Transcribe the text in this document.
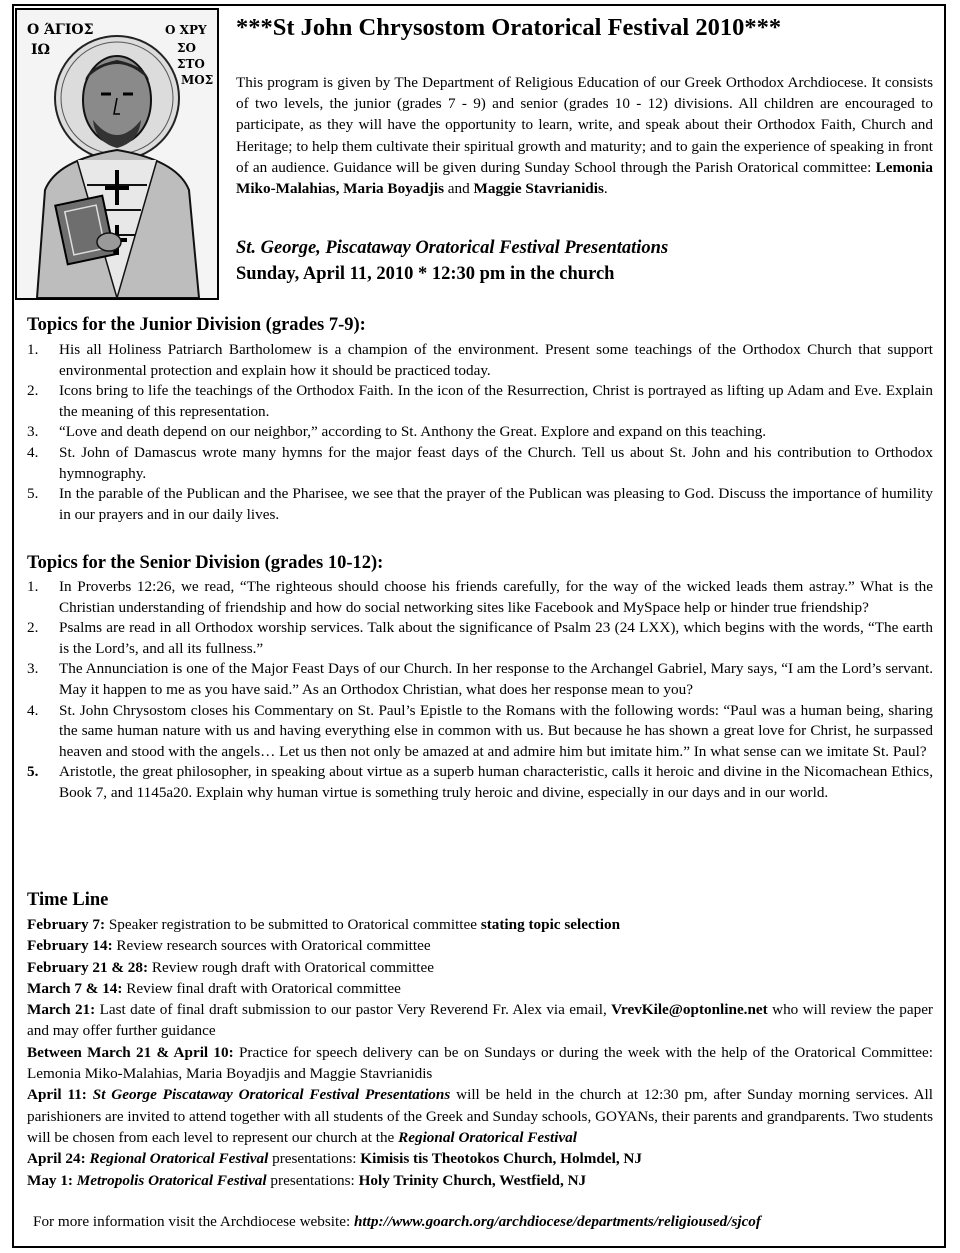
Ο ΆΓΙΟΣ
ΙΩ
Ο ΧΡΥ
ΣΟ
ΣΤΟ
ΜΟΣ
***St John Chrysostom Oratorical Festival 2010***

This program is given by The Department of Religious Education of our Greek Orthodox Archdiocese. It consists of two levels, the junior (grades 7 - 9) and senior (grades 10 - 12) divisions. All children are encouraged to participate, as they will have the opportunity to learn, write, and speak about their Orthodox Faith, Church and Heritage; to help them cultivate their spiritual growth and maturity; and to gain the experience of speaking in front of an audience. Guidance will be given during Sunday School through the Parish Oratorical committee: Lemonia Miko-Malahias, Maria Boyadjis and Maggie Stavrianidis.

St. George, Piscataway Oratorical Festival Presentations
Sunday, April 11, 2010 * 12:30 pm in the church
Topics for the Junior Division (grades 7-9):
1. His all Holiness Patriarch Bartholomew is a champion of the environment. Present some teachings of the Orthodox Church that support environmental protection and explain how it should be practiced today.
2. Icons bring to life the teachings of the Orthodox Faith. In the icon of the Resurrection, Christ is portrayed as lifting up Adam and Eve. Explain the meaning of this representation.
3. “Love and death depend on our neighbor,” according to St. Anthony the Great. Explore and expand on this teaching.
4. St. John of Damascus wrote many hymns for the major feast days of the Church. Tell us about St. John and his contribution to Orthodox hymnography.
5. In the parable of the Publican and the Pharisee, we see that the prayer of the Publican was pleasing to God. Discuss the importance of humility in our prayers and in our daily lives.
Topics for the Senior Division (grades 10-12):
1. In Proverbs 12:26, we read, “The righteous should choose his friends carefully, for the way of the wicked leads them astray.” What is the Christian understanding of friendship and how do social networking sites like Facebook and MySpace help or hinder true friendship?
2. Psalms are read in all Orthodox worship services. Talk about the significance of Psalm 23 (24 LXX), which begins with the words, “The earth is the Lord’s, and all its fullness.”
3. The Annunciation is one of the Major Feast Days of our Church. In her response to the Archangel Gabriel, Mary says, “I am the Lord’s servant. May it happen to me as you have said.” As an Orthodox Christian, what does her response mean to you?
4. St. John Chrysostom closes his Commentary on St. Paul’s Epistle to the Romans with the following words: “Paul was a human being, sharing the same human nature with us and having everything else in common with us. But because he has shown a great love for Christ, he surpassed heaven and stood with the angels… Let us then not only be amazed at and admire him but imitate him.” In what sense can we imitate St. Paul?
5. Aristotle, the great philosopher, in speaking about virtue as a superb human characteristic, calls it heroic and divine in the Nicomachean Ethics, Book 7, and 1145a20. Explain why human virtue is something truly heroic and divine, especially in our days and in our world.
Time Line

February 7: Speaker registration to be submitted to Oratorical committee stating topic selection

February 14: Review research sources with Oratorical committee

February 21 & 28: Review rough draft with Oratorical committee

March 7 & 14: Review final draft with Oratorical committee

March 21: Last date of final draft submission to our pastor Very Reverend Fr. Alex via email, VrevKile@optonline.net who will review the paper and may offer further guidance

Between March 21 & April 10: Practice for speech delivery can be on Sundays or during the week with the help of the Oratorical Committee: Lemonia Miko-Malahias, Maria Boyadjis and Maggie Stavrianidis

April 11: St George Piscataway Oratorical Festival Presentations will be held in the church at 12:30 pm, after Sunday morning services. All parishioners are invited to attend together with all students of the Greek and Sunday schools, GOYANs, their parents and grandparents. Two students will be chosen from each level to represent our church at the Regional Oratorical Festival

April 24: Regional Oratorical Festival presentations: Kimisis tis Theotokos Church, Holmdel, NJ

May 1: Metropolis Oratorical Festival presentations: Holy Trinity Church, Westfield, NJ

For more information visit the Archdiocese website: http://www.goarch.org/archdiocese/departments/religioused/sjcof
